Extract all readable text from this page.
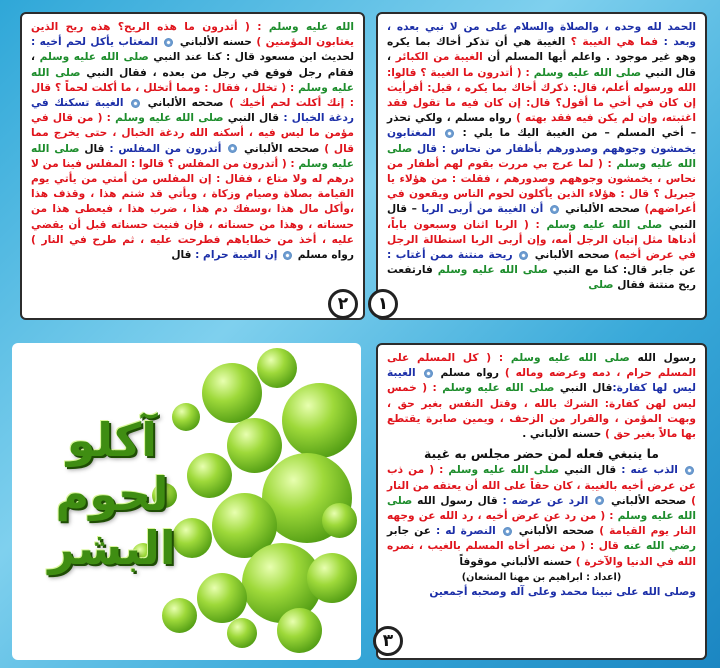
الحمد لله وحده ، والصلاة والسلام على من لا نبي بعده ، وبعد : فما هي الغيبة ؟ الغيبة هي أن تذكر أخاك بما يكره وهو غير موجود . واعلم أيها المسلم أن الغيبة من الكبائر ، قال النبي صلى الله عليه وسلم : ( أتدرون ما الغيبة ؟ قالوا: الله ورسوله أعلم، قال: ذكرك أخاك بما يكره ، قيل: أفرأيت إن كان في أخي ما أقول؟ قال: إن كان فيه ما تقول فقد اغتبته، وإن لم يكن فيه فقد بهته ) رواه مسلم ، ولكي تحذر – أخي المسلم – من الغيبة اليك ما يلي :  المغتابون يخمشون وجوههم وصدورهم بأظفار من نحاس : قال صلى الله عليه وسلم : ( لما عرج بي مررت بقوم لهم أظفار من نحاس ، يخمشون وجوههم وصدورهم ، فقلت : من هؤلاء يا جبريل ؟ قال : هؤلاء الذين يأكلون لحوم الناس ويقعون في أعراضهم) صححه الألباني  أن الغيبة من أربى الربا – قال النبي صلى الله عليه وسلم : ( الربا اثنان وسبعون باباً، أدناها مثل إتيان الرجل أمه، وإن أربى الربا استطالة الرجل في عرض أخيه) صححه الألباني  ريحة منتنة ممن أغتاب : عن جابر قال: كنا مع النبي صلى الله عليه وسلم فارتفعت ريح منتنة فقال صلى

١

الله عليه وسلم : ( أتدرون ما هذه الريح؟ هذه ريح الذين يغتابون المؤمنين ) حسنه الألباني  المغتاب يأكل لحم أخيه : لحديث ابن مسعود قال : كنا عند النبي صلى الله عليه وسلم ، فقام رجل فوقع في رجل من بعده ، فقال النبي صلى الله عليه وسلم : ( تخلل ، فقال : ومما أتخلل ، ما أكلت لحماً ؟ قال : إنك أكلت لحم أخيك ) صححه الألباني  الغيبة تسكنك في ردغة الخبال : قال النبي صلى الله عليه وسلم : ( من قال في مؤمن ما ليس فيه ، أسكنه الله ردغة الخبال ، حتى يخرج مما قال ) صححه الألباني  أتدرون من المفلس : قال صلى الله عليه وسلم : ( أتدرون من المفلس ؟ قالوا : المفلس فينا من لا درهم له ولا متاع ، فقال : إن المفلس من أمتي من يأتي يوم القيامة بصلاة وصيام وزكاة ، ويأتي قد شتم هذا ، وقذف هذا ،وأكل مال هذا ،وسفك دم هذا ، ضرب هذا ، فيعطى هذا من حسناته ، وهذا من حسناته ، فإن فنيت حسناته قبل أن يقضي عليه ، أخذ من خطاياهم فطرحت عليه ، ثم طرح في النار ) رواه مسلم  إن الغيبة حرام : قال

٢

رسول الله صلى الله عليه وسلم : ( كل المسلم على المسلم حرام ، دمه وعرضه وماله ) رواه مسلم  الغيبة ليس لها كفارة:قال النبي صلى الله عليه وسلم : ( خمس ليس لهن كفارة: الشرك بالله ، وقتل النفس بغير حق ، وبهت المؤمن ، والفرار من الزحف ، ويمين صابرة يقتطع بها مالاً بغير حق ) حسنه الألباني .

ما ينبغي فعله لمن حضر مجلس به غيبة

الذب عنه : قال النبي صلى الله عليه وسلم : ( من ذب عن عرض أخيه بالغيبة ، كان حقاً على الله أن يعتقه من النار ) صححه الألباني  الرد عن عرضه : قال رسول الله صلى الله عليه وسلم : ( من رد عن عرض أخيه ، رد الله عن وجهه النار يوم القيامة ) صححه الألباني  النصرة له : عن جابر رضي الله عنه قال : ( من نصر أخاه المسلم بالغيب ، نصره الله في الدنيا والآخرة ) حسنه الألباني موقوفاً

(اعداد : ابراهيم بن مهنا المشعان)
وصلى الله على نبينا محمد وعلى آله وصحبه أجمعين
٣
آكلو
لحوم
البشر
